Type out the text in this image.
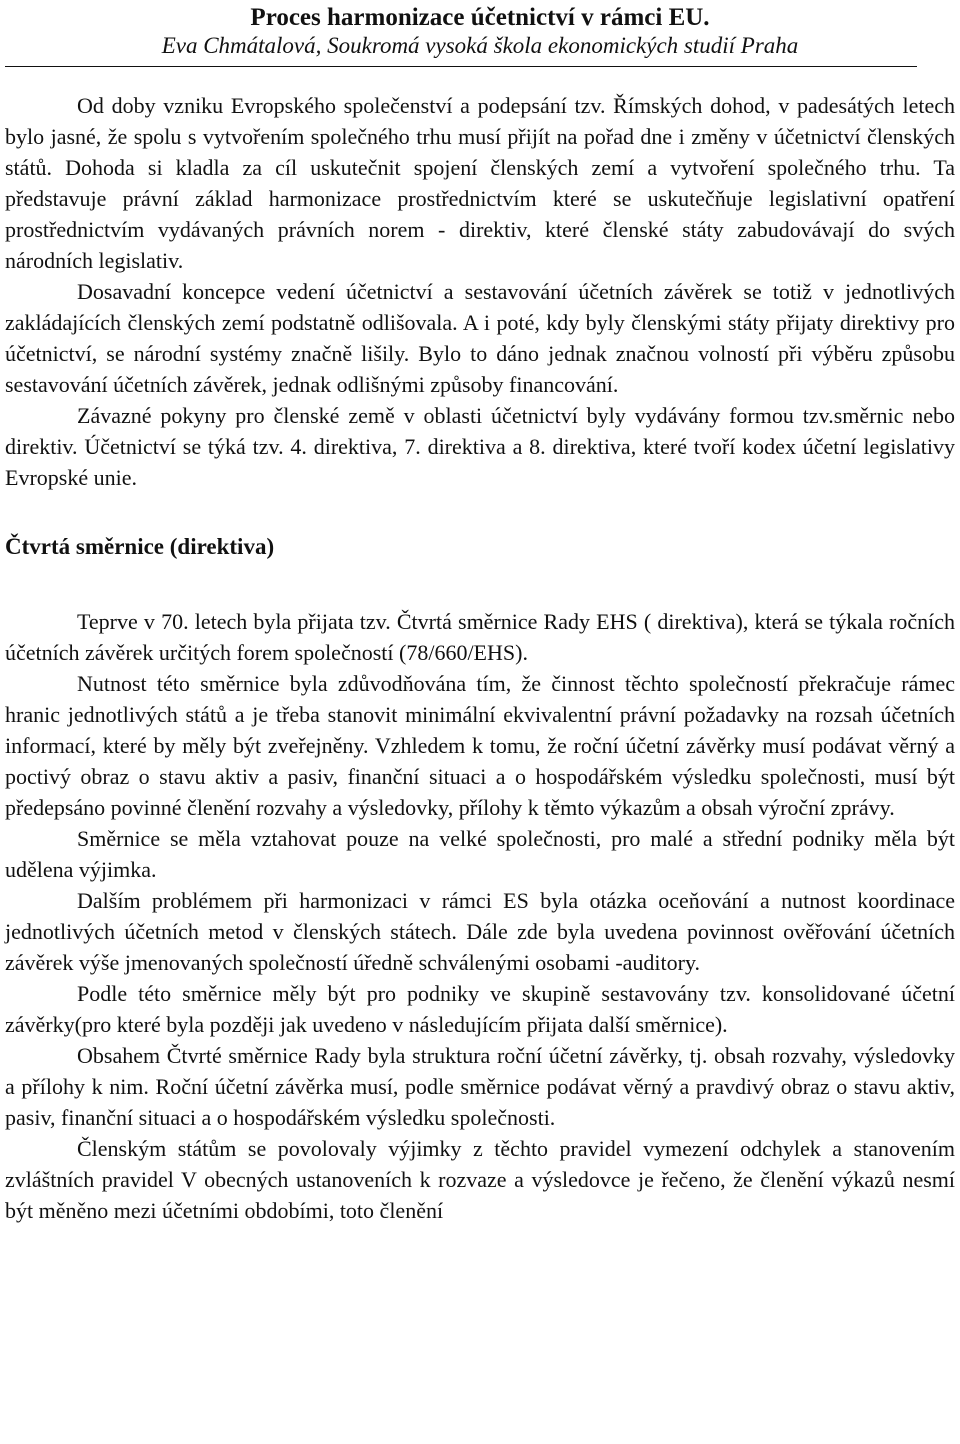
Proces harmonizace účetnictví v rámci EU.
Eva Chmátalová, Soukromá vysoká škola ekonomických studií Praha

Od doby vzniku Evropského společenství a podepsání tzv. Římských dohod, v padesátých letech bylo jasné, že spolu s vytvořením společného trhu musí přijít na pořad dne i změny v účetnictví členských států. Dohoda si kladla za cíl uskutečnit spojení členských zemí a vytvoření společného trhu. Ta představuje právní základ harmonizace prostřednictvím které se uskutečňuje legislativní opatření prostřednictvím vydávaných právních norem - direktiv, které členské státy zabudovávají do svých národních legislativ.

Dosavadní koncepce vedení účetnictví a sestavování účetních závěrek se totiž v jednotlivých zakládajících členských zemí podstatně odlišovala. A i poté, kdy byly členskými státy přijaty direktivy pro účetnictví, se národní systémy značně lišily. Bylo to dáno jednak značnou volností při výběru způsobu sestavování účetních závěrek, jednak odlišnými způsoby financování.

Závazné pokyny pro členské země v oblasti účetnictví byly vydávány formou tzv.směrnic nebo direktiv. Účetnictví se týká tzv. 4. direktiva, 7. direktiva a 8. direktiva, které tvoří kodex účetní legislativy Evropské unie.

Čtvrtá směrnice (direktiva)

Teprve v 70. letech byla přijata tzv. Čtvrtá směrnice Rady EHS ( direktiva), která se týkala ročních účetních závěrek určitých forem společností (78/660/EHS).

Nutnost této směrnice byla zdůvodňována tím, že činnost těchto společností překračuje rámec hranic jednotlivých států a je třeba stanovit minimální ekvivalentní právní požadavky na rozsah účetních informací, které by měly být zveřejněny. Vzhledem k tomu, že roční účetní závěrky musí podávat věrný a poctivý obraz o stavu aktiv a pasiv, finanční situaci a o hospodářském výsledku společnosti, musí být předepsáno povinné členění rozvahy a výsledovky, přílohy k těmto výkazům a obsah výroční zprávy.

Směrnice se měla vztahovat pouze na velké společnosti, pro malé a střední podniky měla být udělena výjimka.

Dalším problémem při harmonizaci v rámci ES byla otázka oceňování a nutnost koordinace jednotlivých účetních metod v členských státech. Dále zde byla uvedena povinnost ověřování účetních závěrek výše jmenovaných společností úředně schválenými osobami -auditory.

Podle této směrnice měly být pro podniky ve skupině sestavovány tzv. konsolidované účetní závěrky(pro které byla později jak uvedeno v následujícím přijata další směrnice).

Obsahem Čtvrté směrnice Rady byla struktura roční účetní závěrky, tj. obsah rozvahy, výsledovky a přílohy k nim. Roční účetní závěrka musí, podle směrnice podávat věrný a pravdivý obraz o stavu aktiv, pasiv, finanční situaci a o hospodářském výsledku společnosti.

Členským státům se povolovaly výjimky z těchto pravidel vymezení odchylek a stanovením zvláštních pravidel V obecných ustanoveních k rozvaze a výsledovce je řečeno, že členění výkazů nesmí být měněno mezi účetními obdobími, toto členění
